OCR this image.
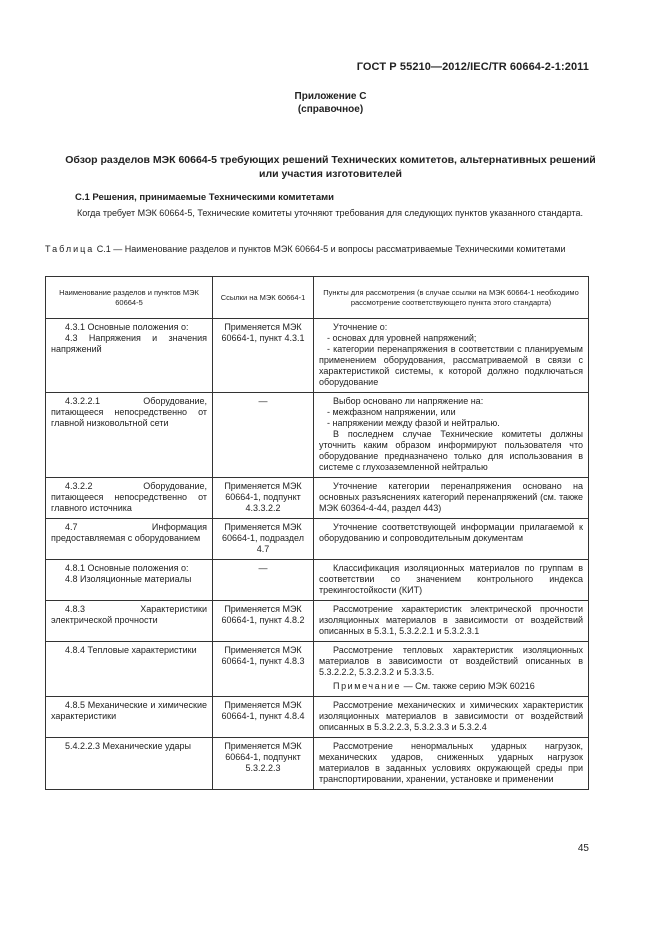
ГОСТ Р 55210—2012/IEC/TR 60664-2-1:2011
Приложение С
(справочное)
Обзор разделов МЭК 60664-5 требующих решений Технических комитетов, альтернативных решений или участия изготовителей
С.1 Решения, принимаемые Техническими комитетами
Когда требует МЭК 60664-5, Технические комитеты уточняют требования для следующих пунктов указанного стандарта.
Таблица С.1 — Наименование разделов и пунктов МЭК 60664-5 и вопросы рассматриваемые Техническими комитетами
Наименование разделов и пунктов МЭК 60664-5	Ссылки на МЭК 60664-1	Пункты для рассмотрения (в случае ссылки на МЭК 60664-1 необходимо рассмотрение соответствующего пункта этого стандарта)

4.3.1 Основные положения о:
4.3 Напряжения и значения напряжений	Применяется МЭК 60664-1, пункт 4.3.1	Уточнение о:
- основах для уровней напряжений;
- категории перенапряжения в соответствии с планируемым применением оборудования, рассматриваемой в связи с характеристикой системы, к которой должно подключаться оборудование

4.3.2.2.1 Оборудование, питающееся непосредственно от главной низковольтной сети	—	Выбор основано ли напряжение на:
- межфазном напряжении, или
- напряжении между фазой и нейтралью.
В последнем случае Технические комитеты должны уточнить каким образом информируют пользователя что оборудование предназначено только для использования в системе с глухозаземленной нейтралью

4.3.2.2 Оборудование, питающееся непосредственно от главного источника	Применяется МЭК 60664-1, подпункт 4.3.3.2.2	Уточнение категории перенапряжения основано на основных разъяснениях категорий перенапряжений (см. также МЭК 60364-4-44, раздел 443)

4.7 Информация предоставляемая с оборудованием	Применяется МЭК 60664-1, подраздел 4.7	Уточнение соответствующей информации прилагаемой к оборудованию и сопроводительным документам

4.8.1 Основные положения о:
4.8 Изоляционные материалы	—	Классификация изоляционных материалов по группам в соответствии со значением контрольного индекса трекингостойкости (КИТ)

4.8.3 Характеристики электрической прочности	Применяется МЭК 60664-1, пункт 4.8.2	Рассмотрение характеристик электрической прочности изоляционных материалов в зависимости от воздействий описанных в 5.3.1, 5.3.2.2.1 и 5.3.2.3.1

4.8.4 Тепловые характеристики	Применяется МЭК 60664-1, пункт 4.8.3	Рассмотрение тепловых характеристик изоляционных материалов в зависимости от воздействий описанных в 5.3.2.2.2, 5.3.2.3.2 и 5.3.3.5.
Примечание — См. также серию МЭК 60216

4.8.5 Механические и химические характеристики	Применяется МЭК 60664-1, пункт 4.8.4	Рассмотрение механических и химических характеристик изоляционных материалов в зависимости от воздействий описанных в 5.3.2.2.3, 5.3.2.3.3 и 5.3.2.4

5.4.2.2.3 Механические удары	Применяется МЭК 60664-1, подпункт 5.3.2.2.3	Рассмотрение ненормальных ударных нагрузок, механических ударов, сниженных ударных нагрузок материалов в заданных условиях окружающей среды при транспортировании, хранении, установке и применении
45
